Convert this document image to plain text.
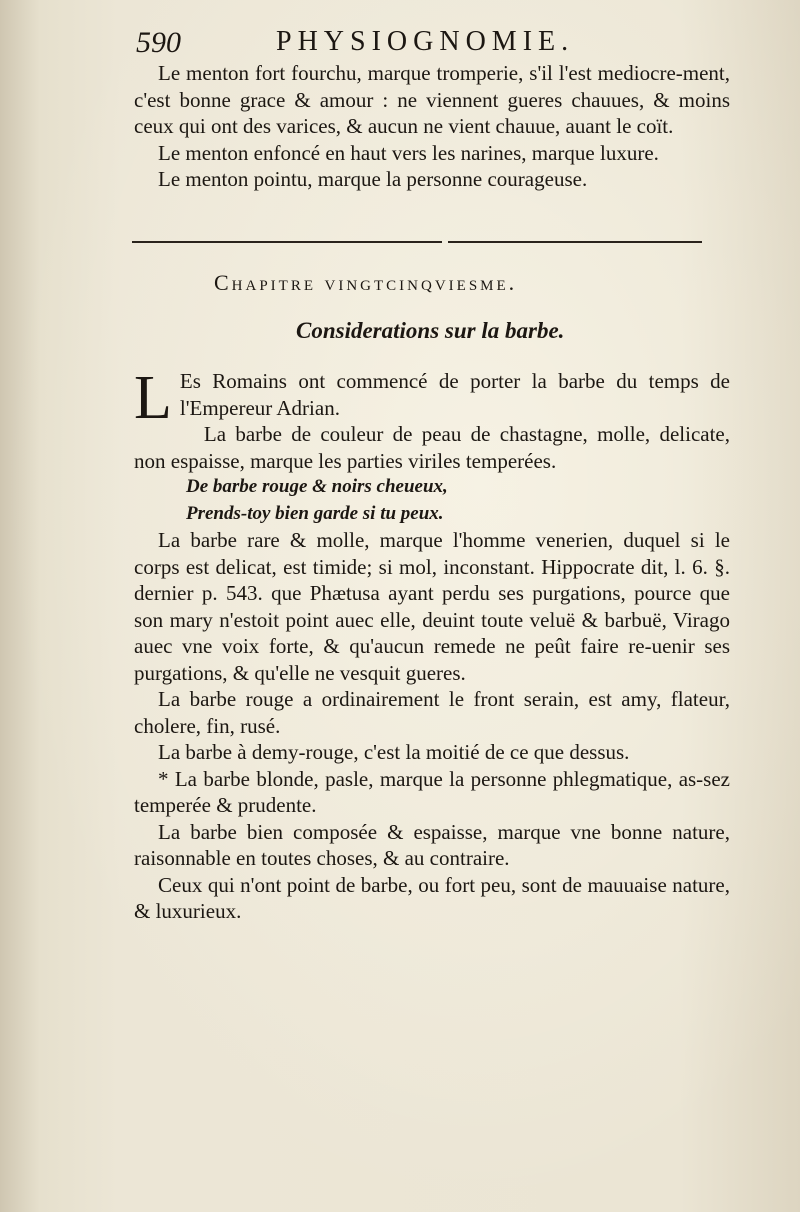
590	PHYSIOGNOMIE.

Le menton fort fourchu, marque tromperie, s'il l'est mediocre-ment, c'est bonne grace & amour : ne viennent gueres chauues, & moins ceux qui ont des varices, & aucun ne vient chauue, auant le coït.

Le menton enfoncé en haut vers les narines, marque luxure.

Le menton pointu, marque la personne courageuse.

Chapitre vingtcinqviesme.
Considerations sur la barbe.

L Es Romains ont commencé de porter la barbe du temps de l'Empereur Adrian.

La barbe de couleur de peau de chastagne, molle, delicate, non espaisse, marque les parties viriles temperées.

De barbe rouge & noirs cheueux,

Prends-toy bien garde si tu peux.

La barbe rare & molle, marque l'homme venerien, duquel si le corps est delicat, est timide; si mol, inconstant. Hippocrate dit, l. 6. §. dernier p. 543. que Phætusa ayant perdu ses purgations, pource que son mary n'estoit point auec elle, deuint toute veluë & barbuë, Virago auec vne voix forte, & qu'aucun remede ne peût faire re-uenir ses purgations, & qu'elle ne vesquit gueres.

La barbe rouge a ordinairement le front serain, est amy, flateur, cholere, fin, rusé.

La barbe à demy-rouge, c'est la moitié de ce que dessus.

* La barbe blonde, pasle, marque la personne phlegmatique, as-sez temperée & prudente.

La barbe bien composée & espaisse, marque vne bonne nature, raisonnable en toutes choses, & au contraire.

Ceux qui n'ont point de barbe, ou fort peu, sont de mauuaise nature, & luxurieux.
